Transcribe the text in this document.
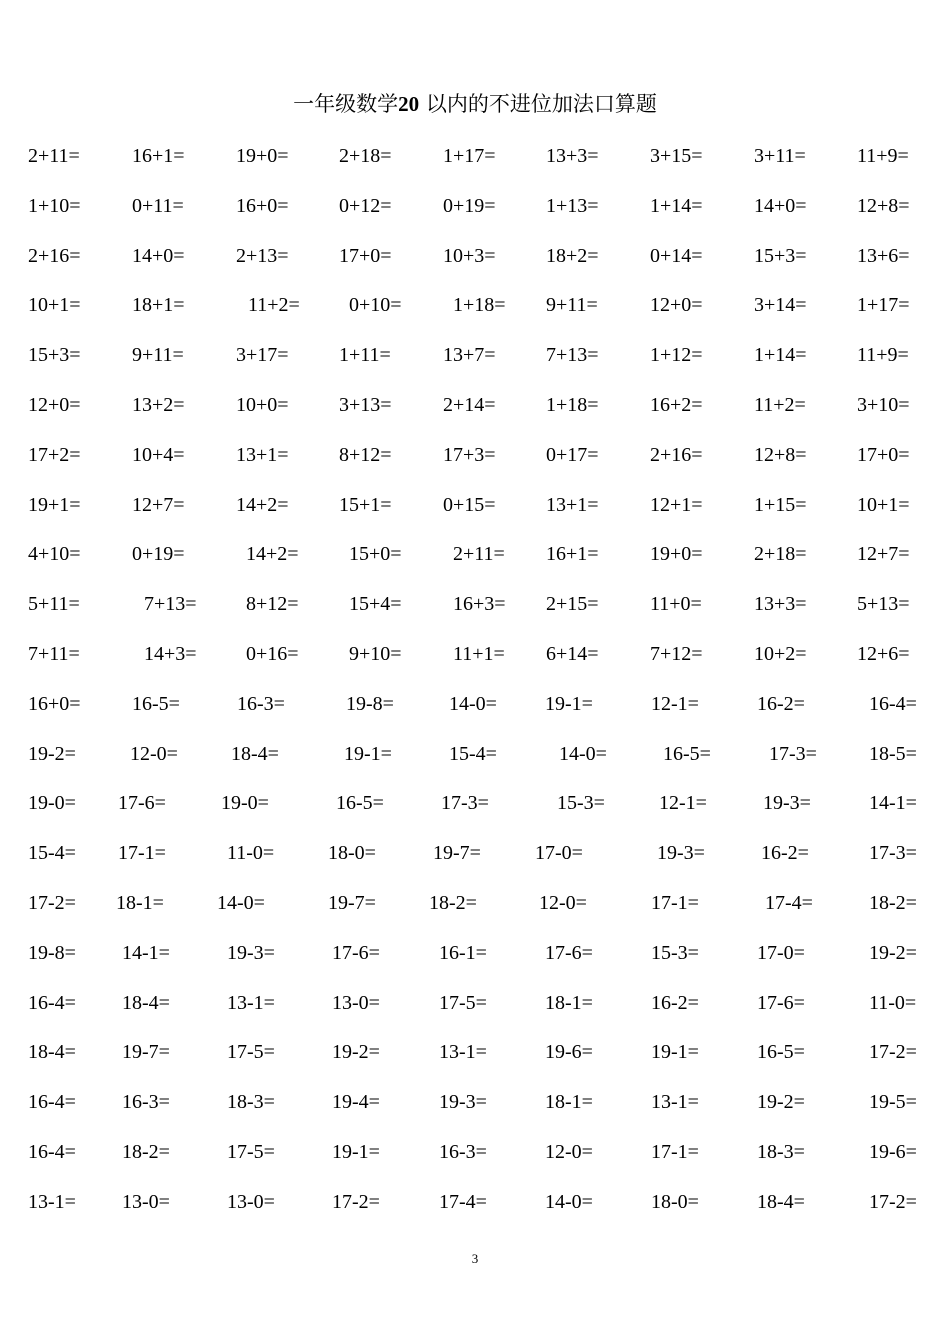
一年级数学20 以内的不进位加法口算题
2+11=	16+1=	19+0=	2+18=	1+17=	13+3=	3+15=	3+11=	11+9=
1+10=	0+11=	16+0=	0+12=	0+19=	1+13=	1+14=	14+0=	12+8=
2+16=	14+0=	2+13=	17+0=	10+3=	18+2=	0+14=	15+3=	13+6=
10+1=	18+1=	11+2= 0+10=	1+18= 9+11=	12+0=	3+14=	1+17=
15+3=	9+11=	3+17=	1+11=	13+7=	7+13=	1+12=	1+14=	11+9=
12+0=	13+2=	10+0=	3+13=	2+14=	1+18=	16+2=	11+2=	3+10=
17+2=	10+4=	13+1=	8+12=	17+3=	0+17=	2+16=	12+8=	17+0=
19+1=	12+7=	14+2=	15+1=	0+15=	13+1=	12+1=	1+15=	10+1=
4+10=	0+19=	14+2=	15+0=	2+11= 16+1=	19+0=	2+18=	12+7=
5+11=	7+13= 8+12=	15+4=	16+3= 2+15=	11+0=	13+3=	5+13=
7+11=	14+3= 0+16=	9+10=	11+1= 6+14=	7+12=	10+2=	12+6=
16+0=	16-5=	16-3=	19-8=	14-0= 19-1=	12-1=	16-2=	16-4=
19-2=	12-0=	18-4=	19-1=	15-4=	14-0=	16-5=	17-3=	18-5=
19-0= 17-6=	19-0=	16-5=	17-3=	15-3=	12-1=	19-3=	14-1=
15-4= 17-1=	11-0=	18-0=	19-7=	17-0=	19-3=	16-2=	17-3=
17-2= 18-1=	14-0=	19-7=	18-2=	12-0=	17-1=	17-4=	18-2=
19-8= 14-1=	19-3=	17-6=	16-1=	17-6=	15-3=	17-0=	19-2=
16-4= 18-4=	13-1=	13-0=	17-5=	18-1=	16-2=	17-6=	11-0=
18-4= 19-7=	17-5=	19-2=	13-1=	19-6=	19-1=	16-5=	17-2=
16-4= 16-3=	18-3=	19-4=	19-3=	18-1=	13-1=	19-2=	19-5=
16-4= 18-2=	17-5=	19-1=	16-3=	12-0=	17-1=	18-3=	19-6=
13-1= 13-0=	13-0=	17-2=	17-4=	14-0=	18-0=	18-4=	17-2=
3
